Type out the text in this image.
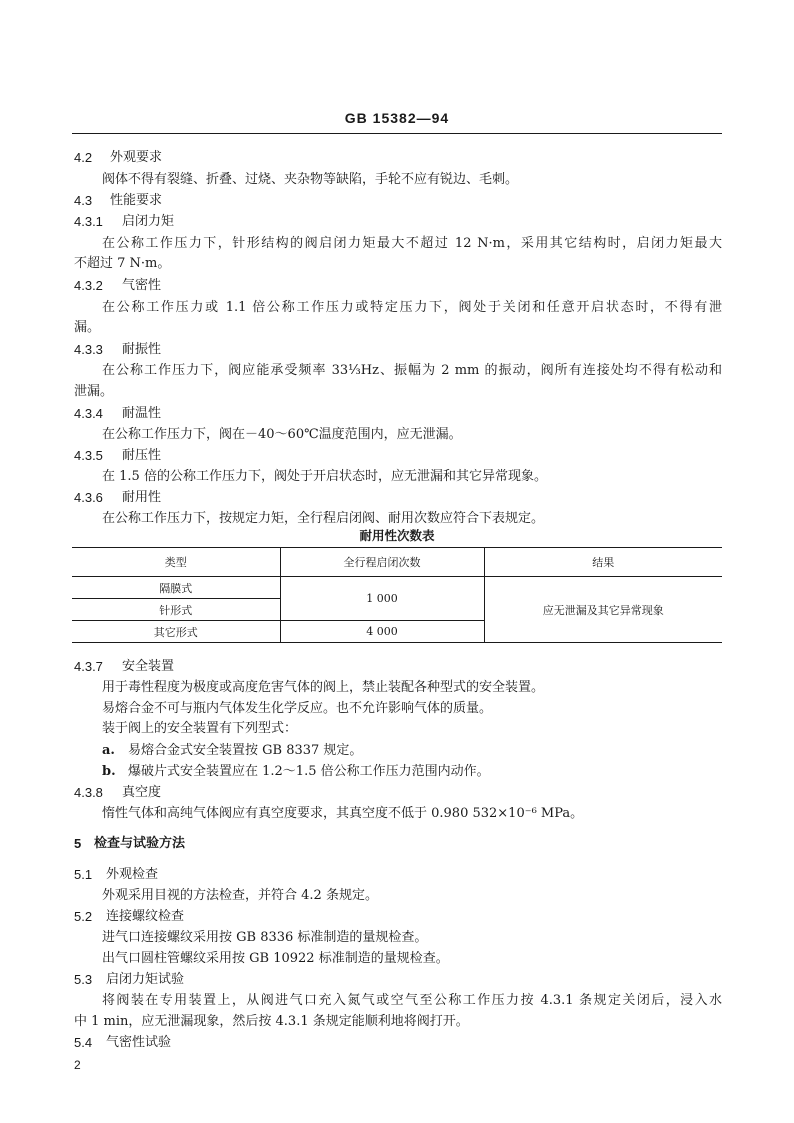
GB 15382—94
4.2 外观要求
阀体不得有裂缝、折叠、过烧、夹杂物等缺陷，手轮不应有锐边、毛刺。
4.3 性能要求
4.3.1 启闭力矩
在公称工作压力下，针形结构的阀启闭力矩最大不超过 12 N·m，采用其它结构时，启闭力矩最大
不超过 7 N·m。
4.3.2 气密性
在公称工作压力或 1.1 倍公称工作压力或特定压力下，阀处于关闭和任意开启状态时，不得有泄
漏。
4.3.3 耐振性
在公称工作压力下，阀应能承受频率 33⅓Hz、振幅为 2 mm 的振动，阀所有连接处均不得有松动和
泄漏。
4.3.4 耐温性
在公称工作压力下，阀在－40～60℃温度范围内，应无泄漏。
4.3.5 耐压性
在 1.5 倍的公称工作压力下，阀处于开启状态时，应无泄漏和其它异常现象。
4.3.6 耐用性
在公称工作压力下，按规定力矩，全行程启闭阀、耐用次数应符合下表规定。
耐用性次数表
类型	全行程启闭次数	结果
隔膜式	1 000	应无泄漏及其它异常现象
针形式		
其它形式	4 000	
4.3.7 安全装置
用于毒性程度为极度或高度危害气体的阀上，禁止装配各种型式的安全装置。
易熔合金不可与瓶内气体发生化学反应。也不允许影响气体的质量。
装于阀上的安全装置有下列型式：
a. 易熔合金式安全装置按 GB 8337 规定。
b. 爆破片式安全装置应在 1.2～1.5 倍公称工作压力范围内动作。
4.3.8 真空度
惰性气体和高纯气体阀应有真空度要求，其真空度不低于 0.980 532×10⁻⁶ MPa。
5 检查与试验方法
5.1 外观检查
外观采用目视的方法检查，并符合 4.2 条规定。
5.2 连接螺纹检查
进气口连接螺纹采用按 GB 8336 标准制造的量规检查。
出气口圆柱管螺纹采用按 GB 10922 标准制造的量规检查。
5.3 启闭力矩试验
将阀装在专用装置上，从阀进气口充入氮气或空气至公称工作压力按 4.3.1 条规定关闭后，浸入水
中 1 min，应无泄漏现象，然后按 4.3.1 条规定能顺利地将阀打开。
5.4 气密性试验
2
